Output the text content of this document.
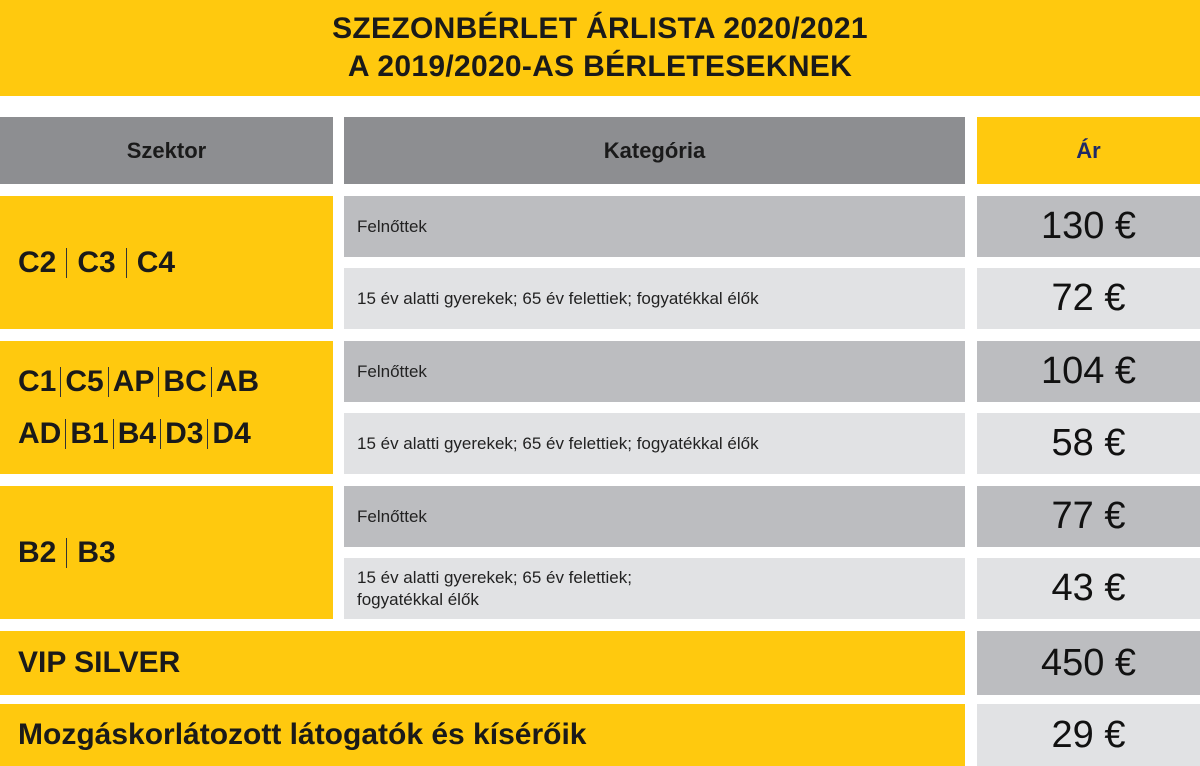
SZEZONBÉRLET ÁRLISTA 2020/2021
A 2019/2020-AS BÉRLETESEKNEK
Szektor	Kategória	Ár
C2 C3 C4
Felnőttek	130 €
15 év alatti gyerekek; 65 év felettiek; fogyatékkal élők	72 €
C1 C5 AP BC AB
AD B1 B4 D3 D4
Felnőttek	104 €
15 év alatti gyerekek; 65 év felettiek; fogyatékkal élők	58 €
B2 B3
Felnőttek	77 €
15 év alatti gyerekek; 65 év felettiek;
fogyatékkal élők	43 €
VIP SILVER	450 €
Mozgáskorlátozott látogatók és kísérőik	29 €
